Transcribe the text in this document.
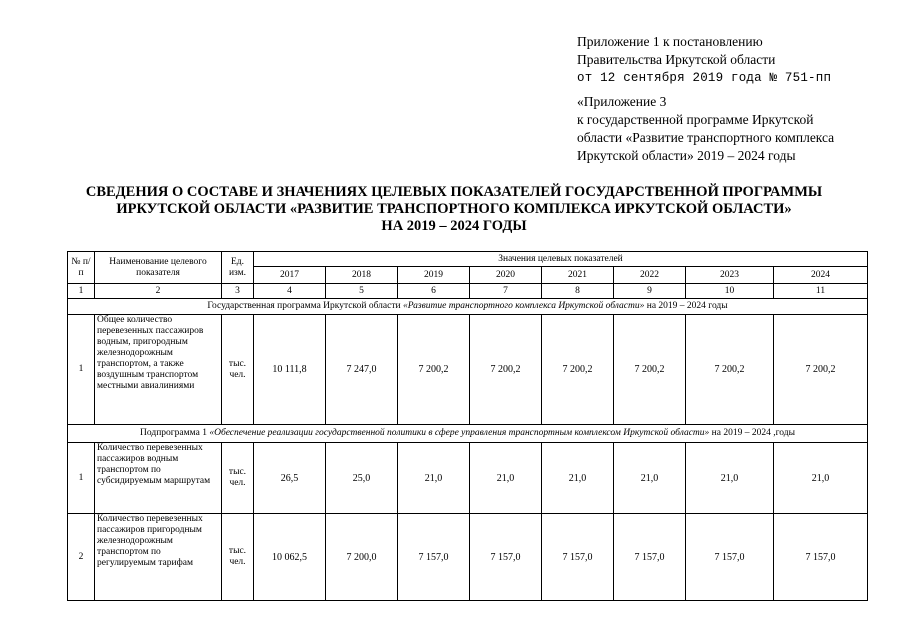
Приложение 1 к постановлению
Правительства Иркутской области
от 12 сентября 2019 года № 751-пп
«Приложение 3
к государственной программе Иркутской
области «Развитие транспортного комплекса
Иркутской области» 2019 – 2024 годы
СВЕДЕНИЯ О СОСТАВЕ И ЗНАЧЕНИЯХ ЦЕЛЕВЫХ ПОКАЗАТЕЛЕЙ ГОСУДАРСТВЕННОЙ ПРОГРАММЫ
ИРКУТСКОЙ ОБЛАСТИ «РАЗВИТИЕ ТРАНСПОРТНОГО КОМПЛЕКСА ИРКУТСКОЙ ОБЛАСТИ»
НА 2019 – 2024 ГОДЫ
№ п/п	Наименование целевого показателя	Ед. изм.	Значения целевых показателей							
			2017	2018	2019	2020	2021	2022	2023	2024
1	2	3	4	5	6	7	8	9	10	11
Государственная программа Иркутской области «Развитие транспортного комплекса Иркутской области» на 2019 – 2024 годы										
1	Общее количество перевезенных пассажиров водным, пригородным железнодорожным транспортом, а также воздушным транспортом местными авиалиниями	тыс. чел.	10 111,8	7 247,0	7 200,2	7 200,2	7 200,2	7 200,2	7 200,2	7 200,2
Подпрограмма 1 «Обеспечение реализации государственной политики в сфере управления транспортным комплексом Иркутской области» на 2019 – 2024 ,годы										
1	Количество перевезенных пассажиров водным транспортом по субсидируемым маршрутам	тыс. чел.	26,5	25,0	21,0	21,0	21,0	21,0	21,0	21,0
2	Количество перевезенных пассажиров пригородным железнодорожным транспортом по регулируемым тарифам	тыс. чел.	10 062,5	7 200,0	7 157,0	7 157,0	7 157,0	7 157,0	7 157,0	7 157,0
